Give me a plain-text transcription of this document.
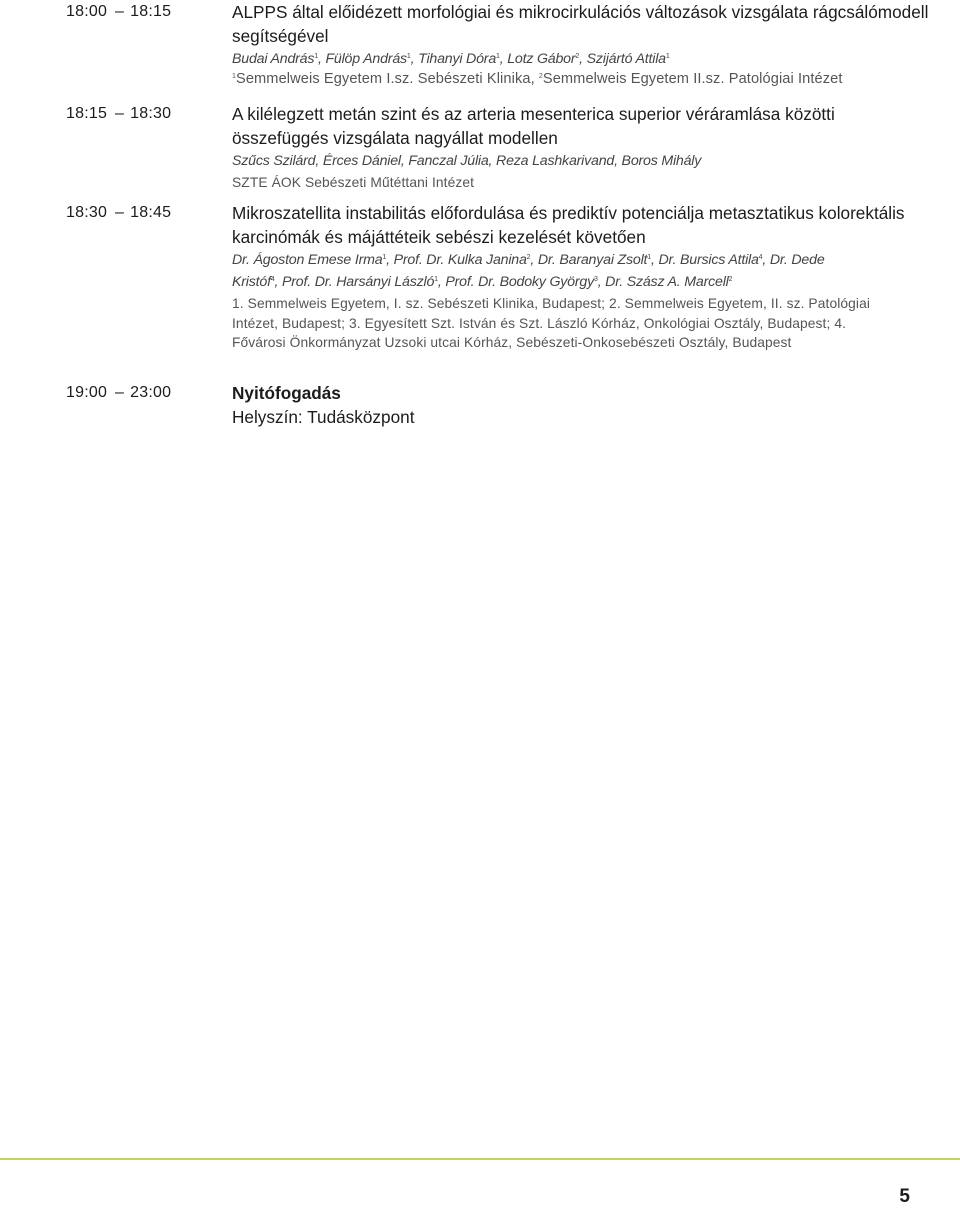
18:00 – 18:15	ALPPS által előidézett morfológiai és mikrocirkulációs változások vizsgálata rágcsálómodell segítségével
Budai András$^1$, Fülöp András$^1$, Tihanyi Dóra$^1$, Lotz Gábor$^2$, Szijártó Attila$^1$
$^1$Semmelweis Egyetem I.sz. Sebészeti Klinika, $^2$Semmelweis Egyetem II.sz. Patológiai Intézet
18:15 – 18:30	A kilélegzett metán szint és az arteria mesenterica superior véráramlása közötti összefüggés vizsgálata nagyállat modellen
Szűcs Szilárd, Érces Dániel, Fanczal Júlia, Reza Lashkarivand, Boros Mihály
SZTE ÁOK Sebészeti Műtéttani Intézet
18:30 – 18:45	Mikroszatellita instabilitás előfordulása és prediktív potenciálja metasztatikus kolorektális karcinómák és májáttéteik sebészi kezelését követően
Dr. Ágoston Emese Irma$^1$, Prof. Dr. Kulka Janina$^2$, Dr. Baranyai Zsolt$^1$, Dr. Bursics Attila$^4$, Dr. Dede Kristóf$^4$, Prof. Dr. Harsányi László$^1$, Prof. Dr. Bodoky György$^3$, Dr. Szász A. Marcell$^2$
1. Semmelweis Egyetem, I. sz. Sebészeti Klinika, Budapest; 2. Semmelweis Egyetem, II. sz. Patológiai Intézet, Budapest; 3. Egyesített Szt. István és Szt. László Kórház, Onkológiai Osztály, Budapest; 4. Fővárosi Önkormányzat Uzsoki utcai Kórház, Sebészeti-Onkosebészeti Osztály, Budapest
19:00 – 23:00	Nyitófogadás
Helyszín: Tudásközpont
5
